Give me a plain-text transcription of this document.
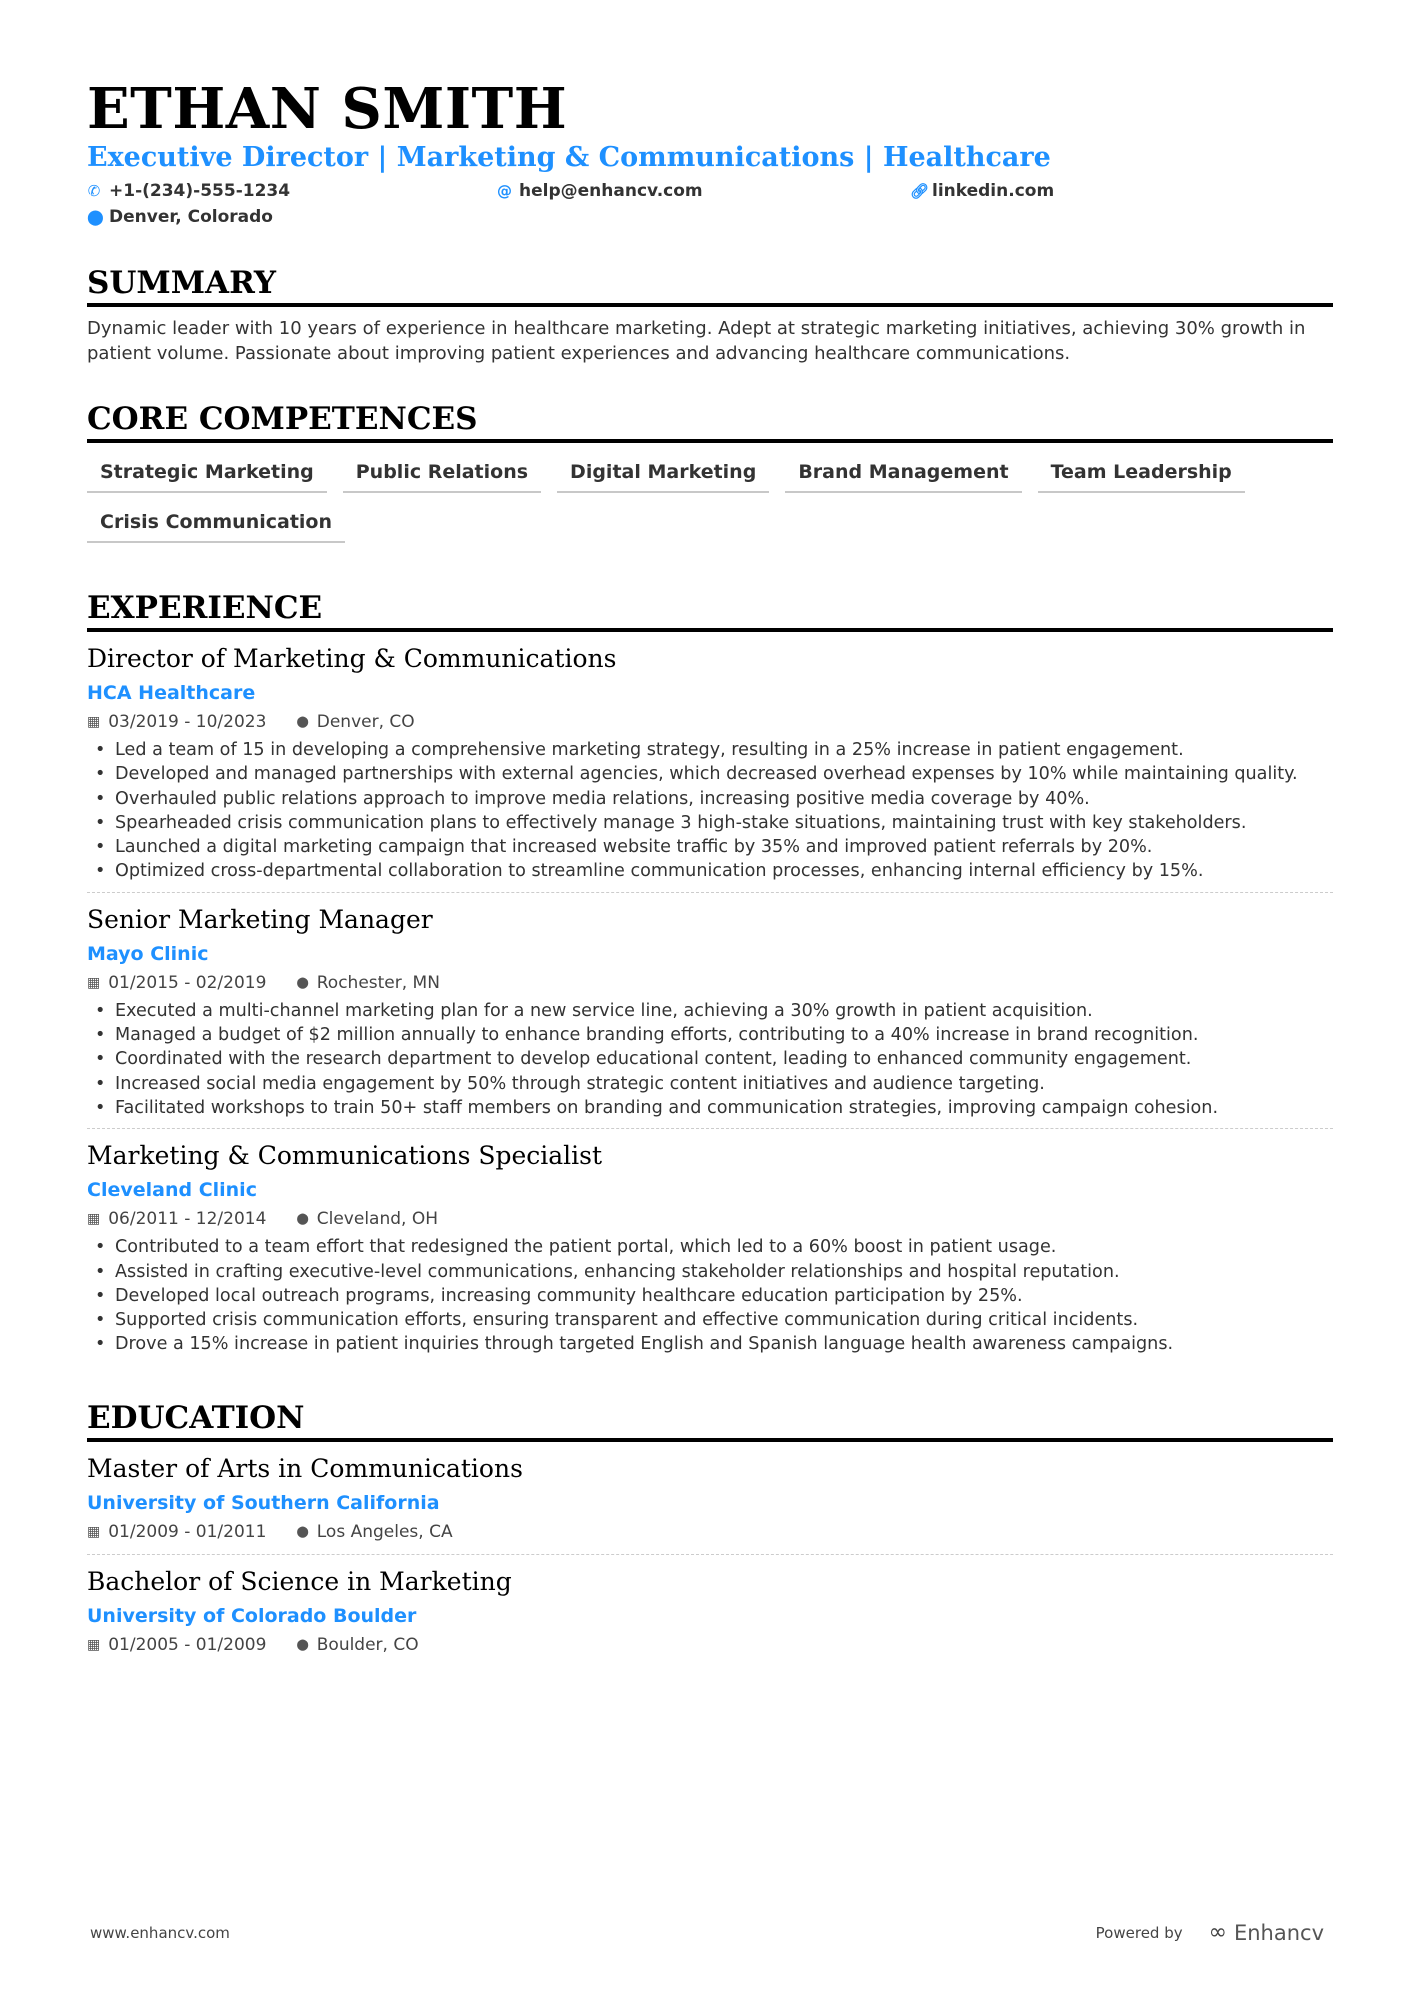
ETHAN SMITH
Executive Director | Marketing & Communications | Healthcare
✆ +1-(234)-555-1234	@ help@enhancv.com	🔗︎ linkedin.com
⬤ Denver, Colorado
SUMMARY

Dynamic leader with 10 years of experience in healthcare marketing. Adept at strategic marketing initiatives, achieving 30% growth in patient volume. Passionate about improving patient experiences and advancing healthcare communications.

CORE COMPETENCES
Strategic Marketing	Public Relations	Digital Marketing	Brand Management	Team Leadership
Crisis Communication
EXPERIENCE
Director of Marketing & Communications
HCA Healthcare
▦ 03/2019 - 10/2023	⬤ Denver, CO
• Led a team of 15 in developing a comprehensive marketing strategy, resulting in a 25% increase in patient engagement.
• Developed and managed partnerships with external agencies, which decreased overhead expenses by 10% while maintaining quality.
• Overhauled public relations approach to improve media relations, increasing positive media coverage by 40%.
• Spearheaded crisis communication plans to effectively manage 3 high-stake situations, maintaining trust with key stakeholders.
• Launched a digital marketing campaign that increased website traffic by 35% and improved patient referrals by 20%.
• Optimized cross-departmental collaboration to streamline communication processes, enhancing internal efficiency by 15%.
Senior Marketing Manager
Mayo Clinic
▦ 01/2015 - 02/2019	⬤ Rochester, MN
• Executed a multi-channel marketing plan for a new service line, achieving a 30% growth in patient acquisition.
• Managed a budget of $2 million annually to enhance branding efforts, contributing to a 40% increase in brand recognition.
• Coordinated with the research department to develop educational content, leading to enhanced community engagement.
• Increased social media engagement by 50% through strategic content initiatives and audience targeting.
• Facilitated workshops to train 50+ staff members on branding and communication strategies, improving campaign cohesion.
Marketing & Communications Specialist
Cleveland Clinic
▦ 06/2011 - 12/2014	⬤ Cleveland, OH
• Contributed to a team effort that redesigned the patient portal, which led to a 60% boost in patient usage.
• Assisted in crafting executive-level communications, enhancing stakeholder relationships and hospital reputation.
• Developed local outreach programs, increasing community healthcare education participation by 25%.
• Supported crisis communication efforts, ensuring transparent and effective communication during critical incidents.
• Drove a 15% increase in patient inquiries through targeted English and Spanish language health awareness campaigns.
EDUCATION
Master of Arts in Communications
University of Southern California
▦ 01/2009 - 01/2011	⬤ Los Angeles, CA
Bachelor of Science in Marketing
University of Colorado Boulder
▦ 01/2005 - 01/2009	⬤ Boulder, CO
www.enhancv.com	Powered by ∞ Enhancv
